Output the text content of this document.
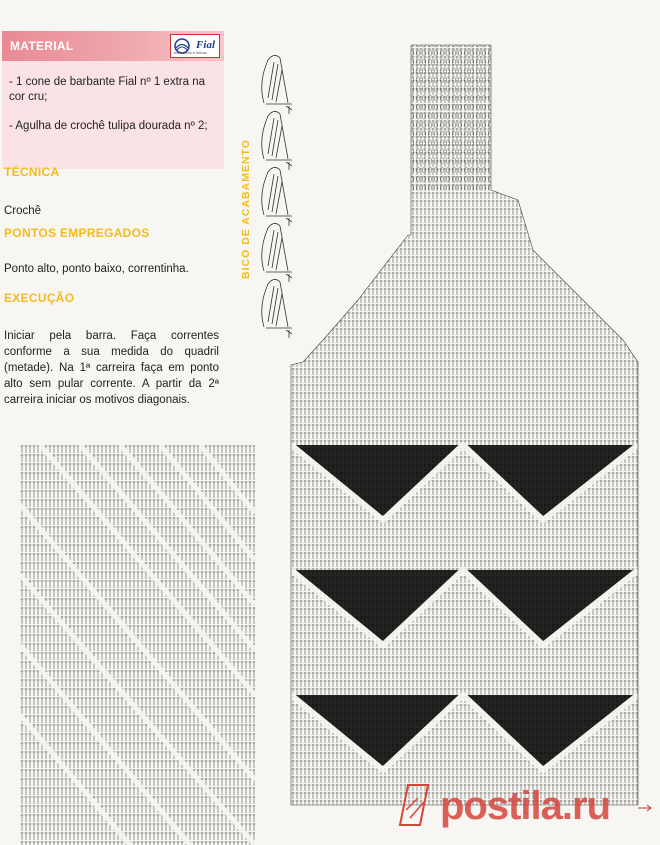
MATERIAL	Fial
barbantes e linhas
- 1 cone de barbante Fial nº 1 extra na cor cru;
- Agulha de crochê tulipa dourada nº 2;
TÉCNICA
Crochê
PONTOS EMPREGADOS
Ponto alto, ponto baixo, correntinha.
EXECUÇÃO
Iniciar pela barra. Faça correntes conforme a sua medida do quadril (metade). Na 1ª carreira faça em ponto alto sem pular corrente. A partir da 2ª carreira iniciar os motivos diagonais.
BICO DE ACABAMENTO
postila.ru
